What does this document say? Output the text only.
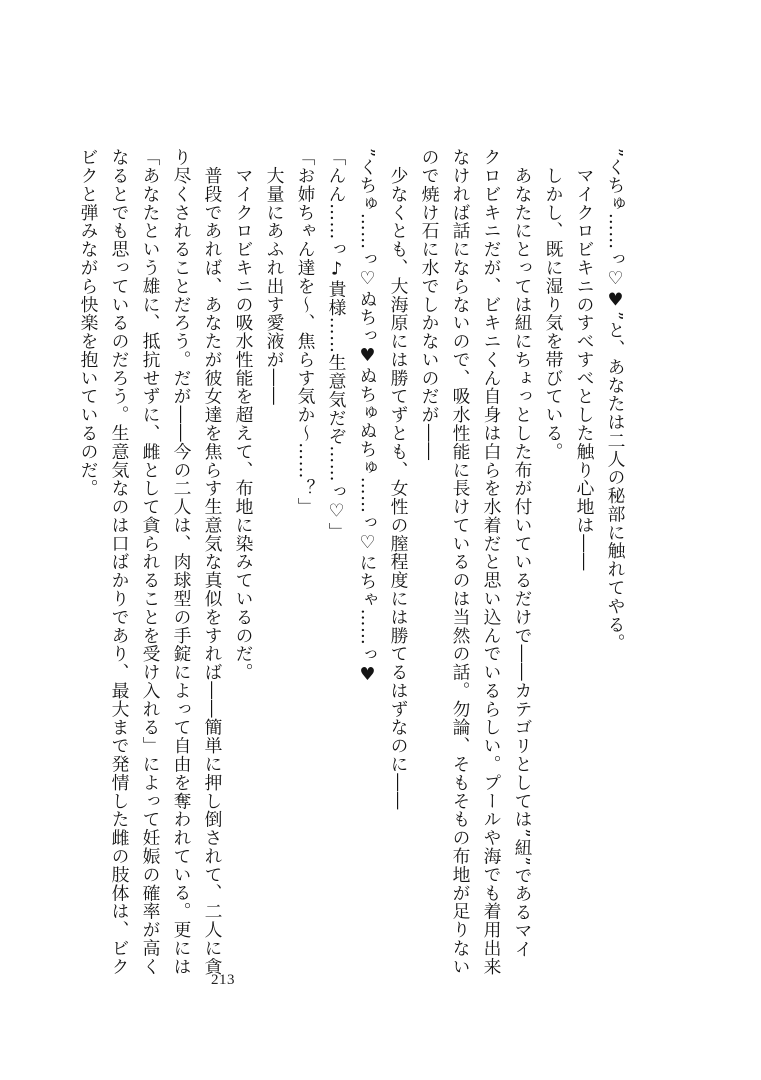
”くちゅ……っ♡♥”と、あなたは二人の秘部に触れてやる。
　マイクロビキニのすべすべとした触り心地は――
　しかし、既に湿り気を帯びている。
　あなたにとっては紐にちょっとした布が付いているだけで――カテゴリとしては”紐”であるマイ
クロビキニだが、ビキニくん自身は白らを水着だと思い込んでいるらしい。プールや海でも着用出来
なければ話にならないので、吸水性能に長けているのは当然の話。勿論、そもそもの布地が足りない
ので焼け石に水でしかないのだが――
　少なくとも、大海原には勝てずとも、女性の膣程度には勝てるはずなのに――
”くちゅ……っ♡ぬちっ♥ぬちゅぬちゅ……っ♡にちゃ……っ♥
「んん……っ♪貴様……生意気だぞ……っ♡」
「お姉ちゃん達を〜、焦らす気か〜……？」
　大量にあふれ出す愛液が――
　マイクロビキニの吸水性能を超えて、布地に染みているのだ。
　普段であれば、あなたが彼女達を焦らす生意気な真似をすれば――簡単に押し倒されて、二人に貪
り尽くされることだろう。だが――今の二人は、肉球型の手錠によって自由を奪われている。更には
「あなたという雄に、抵抗せずに、雌として貪られることを受け入れる」によって妊娠の確率が高く
なるとでも思っているのだろう。生意気なのは口ばかりであり、最大まで発情した雌の肢体は、ビク
ビクと弾みながら快楽を抱いているのだ。
213
